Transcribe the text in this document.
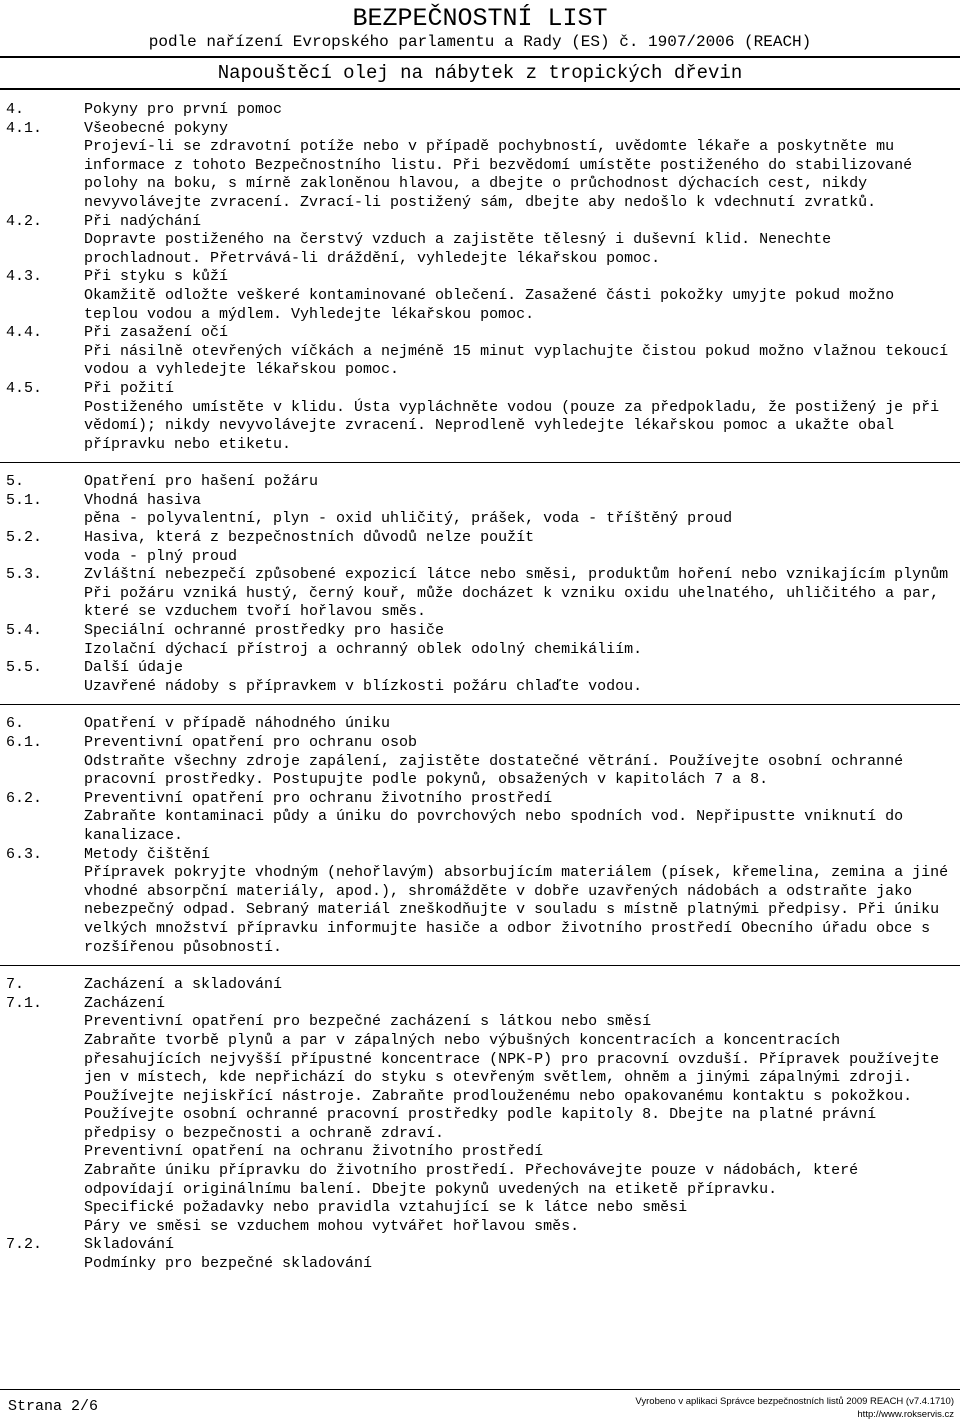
BEZPEČNOSTNÍ LIST
podle nařízení Evropského parlamentu a Rady (ES) č. 1907/2006 (REACH)
Napouštěcí olej na nábytek z tropických dřevin
4.	Pokyny pro první pomoc
4.1.	Všeobecné pokyny
Projeví-li se zdravotní potíže nebo v případě pochybností, uvědomte lékaře a poskytněte mu informace z tohoto Bezpečnostního listu. Při bezvědomí umístěte postiženého do stabilizované polohy na boku, s mírně zakloněnou hlavou, a dbejte o průchodnost dýchacích cest, nikdy nevyvolávejte zvracení. Zvrací-li postižený sám, dbejte aby nedošlo k vdechnutí zvratků.
4.2.	Při nadýchání
Dopravte postiženého na čerstvý vzduch a zajistěte tělesný i duševní klid. Nenechte prochladnout. Přetrvává-li dráždění, vyhledejte lékařskou pomoc.
4.3.	Při styku s kůží
Okamžitě odložte veškeré kontaminované oblečení. Zasažené části pokožky umyjte pokud možno teplou vodou a mýdlem. Vyhledejte lékařskou pomoc.
4.4.	Při zasažení očí
Při násilně otevřených víčkách a nejméně 15 minut vyplachujte čistou pokud možno vlažnou tekoucí vodou a vyhledejte lékařskou pomoc.
4.5.	Při požití
Postiženého umístěte v klidu. Ústa vypláchněte vodou (pouze za předpokladu, že postižený je při vědomí); nikdy nevyvolávejte zvracení. Neprodleně vyhledejte lékařskou pomoc a ukažte obal přípravku nebo etiketu.
5.	Opatření pro hašení požáru
5.1.	Vhodná hasiva
pěna - polyvalentní, plyn - oxid uhličitý, prášek, voda - tříštěný proud
5.2.	Hasiva, která z bezpečnostních důvodů nelze použít
voda - plný proud
5.3.	Zvláštní nebezpečí způsobené expozicí látce nebo směsi, produktům hoření nebo vznikajícím plynům
Při požáru vzniká hustý, černý kouř, může docházet k vzniku oxidu uhelnatého, uhličitého a par, které se vzduchem tvoří hořlavou směs.
5.4.	Speciální ochranné prostředky pro hasiče
Izolační dýchací přístroj a ochranný oblek odolný chemikáliím.
5.5.	Další údaje
Uzavřené nádoby s přípravkem v blízkosti požáru chlaďte vodou.
6.	Opatření v případě náhodného úniku
6.1.	Preventivní opatření pro ochranu osob
Odstraňte všechny zdroje zapálení, zajistěte dostatečné větrání. Používejte osobní ochranné pracovní prostředky. Postupujte podle pokynů, obsažených v kapitolách 7 a 8.
6.2.	Preventivní opatření pro ochranu životního prostředí
Zabraňte kontaminaci půdy a úniku do povrchových nebo spodních vod. Nepřipustte vniknutí do kanalizace.
6.3.	Metody čištění
Přípravek pokryjte vhodným (nehořlavým) absorbujícím materiálem (písek, křemelina, zemina a jiné vhodné absorpční materiály, apod.), shromážděte v dobře uzavřených nádobách a odstraňte jako nebezpečný odpad. Sebraný materiál zneškodňujte v souladu s místně platnými předpisy. Při úniku velkých množství přípravku informujte hasiče a odbor životního prostředí Obecního úřadu obce s rozšířenou působností.
7.	Zacházení a skladování
7.1.	Zacházení
Preventivní opatření pro bezpečné zacházení s látkou nebo směsí
Zabraňte tvorbě plynů a par v zápalných nebo výbušných koncentracích a koncentracích přesahujících nejvyšší přípustné koncentrace (NPK-P) pro pracovní ovzduší. Přípravek používejte jen v místech, kde nepřichází do styku s otevřeným světlem, ohněm a jinými zápalnými zdroji. Používejte nejiskřící nástroje. Zabraňte prodlouženému nebo opakovanému kontaktu s pokožkou. Používejte osobní ochranné pracovní prostředky podle kapitoly 8. Dbejte na platné právní předpisy o bezpečnosti a ochraně zdraví.
Preventivní opatření na ochranu životního prostředí
Zabraňte úniku přípravku do životního prostředí. Přechovávejte pouze v nádobách, které odpovídají originálnímu balení. Dbejte pokynů uvedených na etiketě přípravku.
Specifické požadavky nebo pravidla vztahující se k látce nebo směsi
Páry ve směsi se vzduchem mohou vytvářet hořlavou směs.
7.2.	Skladování
Podmínky pro bezpečné skladování
Strana 2/6	Vyrobeno v aplikaci Správce bezpečnostních listů 2009 REACH (v7.4.1710)
http://www.rokservis.cz
